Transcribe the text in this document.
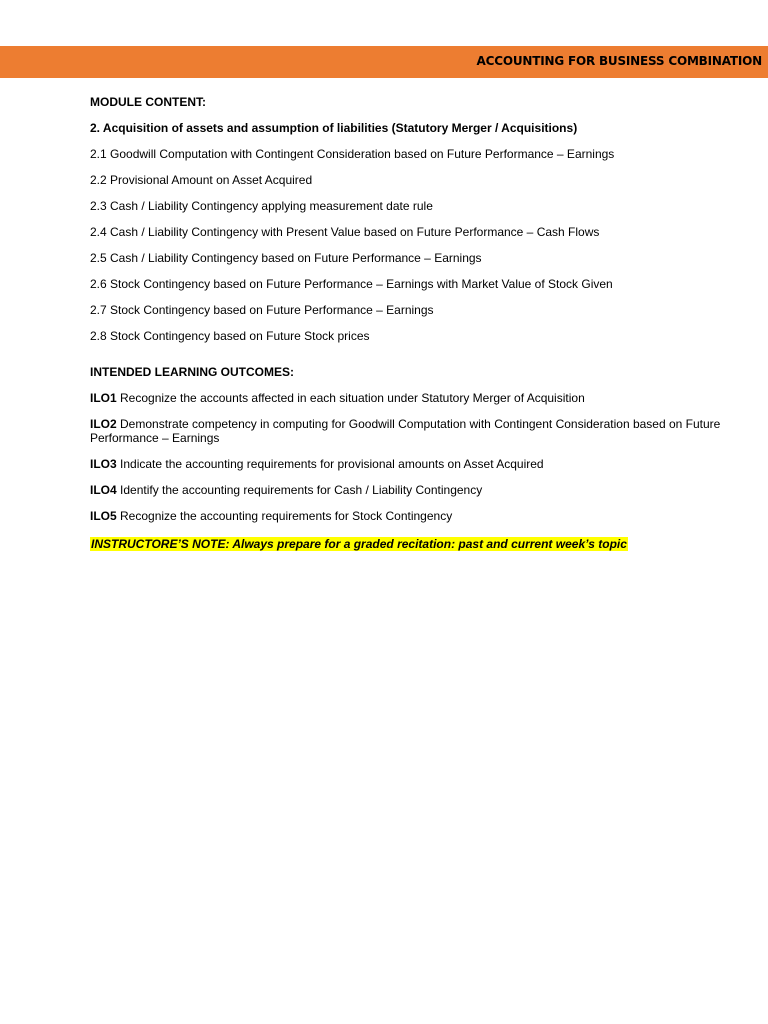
ACCOUNTING FOR BUSINESS COMBINATION
MODULE CONTENT:
2. Acquisition of assets and assumption of liabilities (Statutory Merger / Acquisitions)
2.1 Goodwill Computation with Contingent Consideration based on Future Performance – Earnings
2.2 Provisional Amount on Asset Acquired
2.3 Cash / Liability Contingency applying measurement date rule
2.4 Cash / Liability Contingency with Present Value based on Future Performance – Cash Flows
2.5 Cash / Liability Contingency based on Future Performance – Earnings
2.6 Stock Contingency based on Future Performance – Earnings with Market Value of Stock Given
2.7 Stock Contingency based on Future Performance – Earnings
2.8 Stock Contingency based on Future Stock prices
INTENDED LEARNING OUTCOMES:
ILO1 Recognize the accounts affected in each situation under Statutory Merger of Acquisition
ILO2 Demonstrate competency in computing for Goodwill Computation with Contingent Consideration based on Future Performance – Earnings
ILO3 Indicate the accounting requirements for provisional amounts on Asset Acquired
ILO4 Identify the accounting requirements for Cash / Liability Contingency
ILO5 Recognize the accounting requirements for Stock Contingency
INSTRUCTORE’S NOTE: Always prepare for a graded recitation: past and current week’s topic
